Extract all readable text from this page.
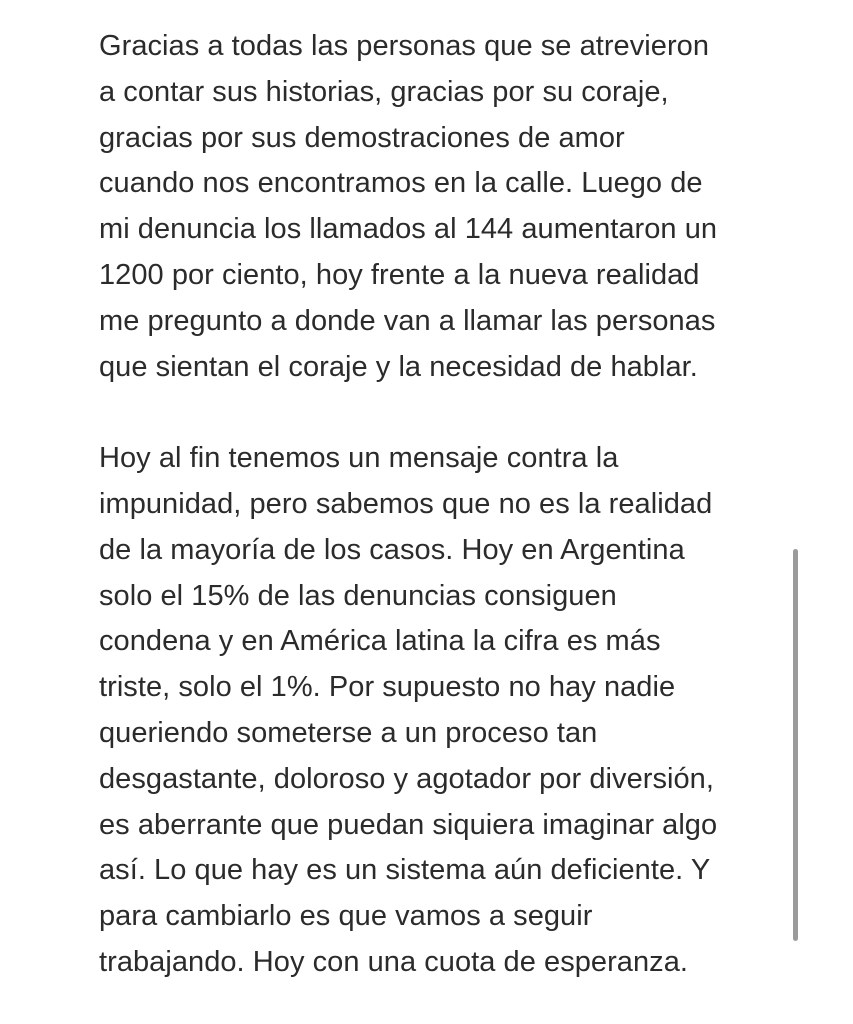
Gracias a todas las personas que se atrevieron
a contar sus historias, gracias por su coraje,
gracias por sus demostraciones de amor
cuando nos encontramos en la calle. Luego de
mi denuncia los llamados al 144 aumentaron un
1200 por ciento, hoy frente a la nueva realidad
me pregunto a donde van a llamar las personas
que sientan el coraje y la necesidad de hablar.
Hoy al fin tenemos un mensaje contra la
impunidad, pero sabemos que no es la realidad
de la mayoría de los casos. Hoy en Argentina
solo el 15% de las denuncias consiguen
condena y en América latina la cifra es más
triste, solo el 1%. Por supuesto no hay nadie
queriendo someterse a un proceso tan
desgastante, doloroso y agotador por diversión,
es aberrante que puedan siquiera imaginar algo
así. Lo que hay es un sistema aún deficiente. Y
para cambiarlo es que vamos a seguir
trabajando. Hoy con una cuota de esperanza.
